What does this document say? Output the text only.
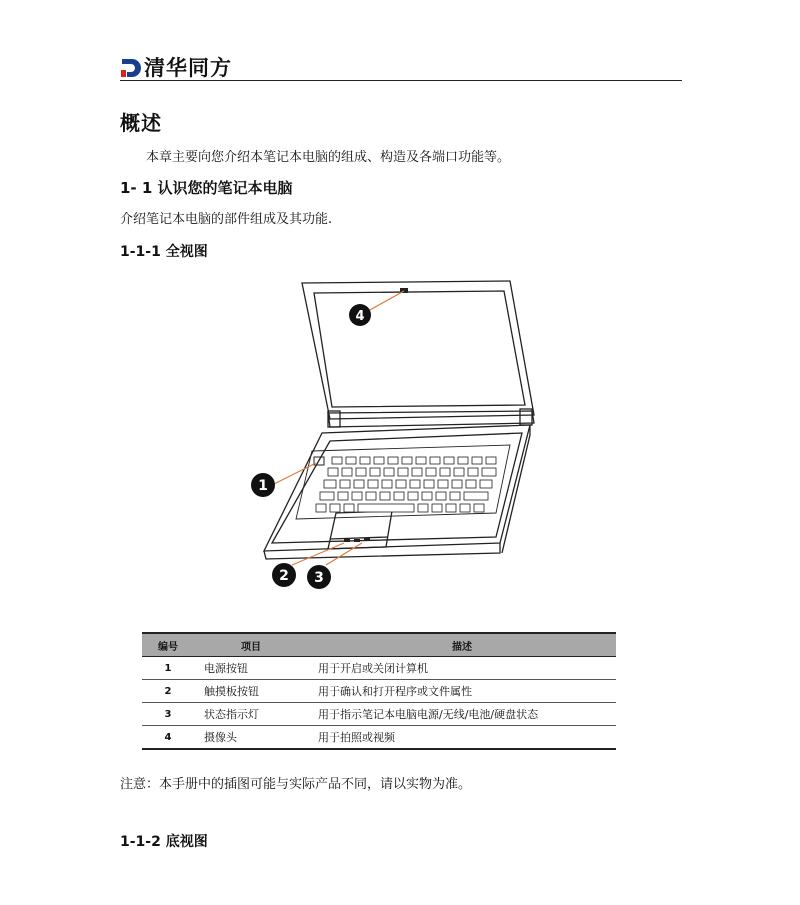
清华同方
概述
本章主要向您介绍本笔记本电脑的组成、构造及各端口功能等。
1- 1 认识您的笔记本电脑
介绍笔记本电脑的部件组成及其功能.
1-1-1 全视图
4
1
2 3
编号	项目	描述
1	电源按钮	用于开启或关闭计算机
2	触摸板按钮	用于确认和打开程序或文件属性
3	状态指示灯	用于指示笔记本电脑电源/无线/电池/硬盘状态
4	摄像头	用于拍照或视频
注意：本手册中的插图可能与实际产品不同，请以实物为准。
1-1-2 底视图
